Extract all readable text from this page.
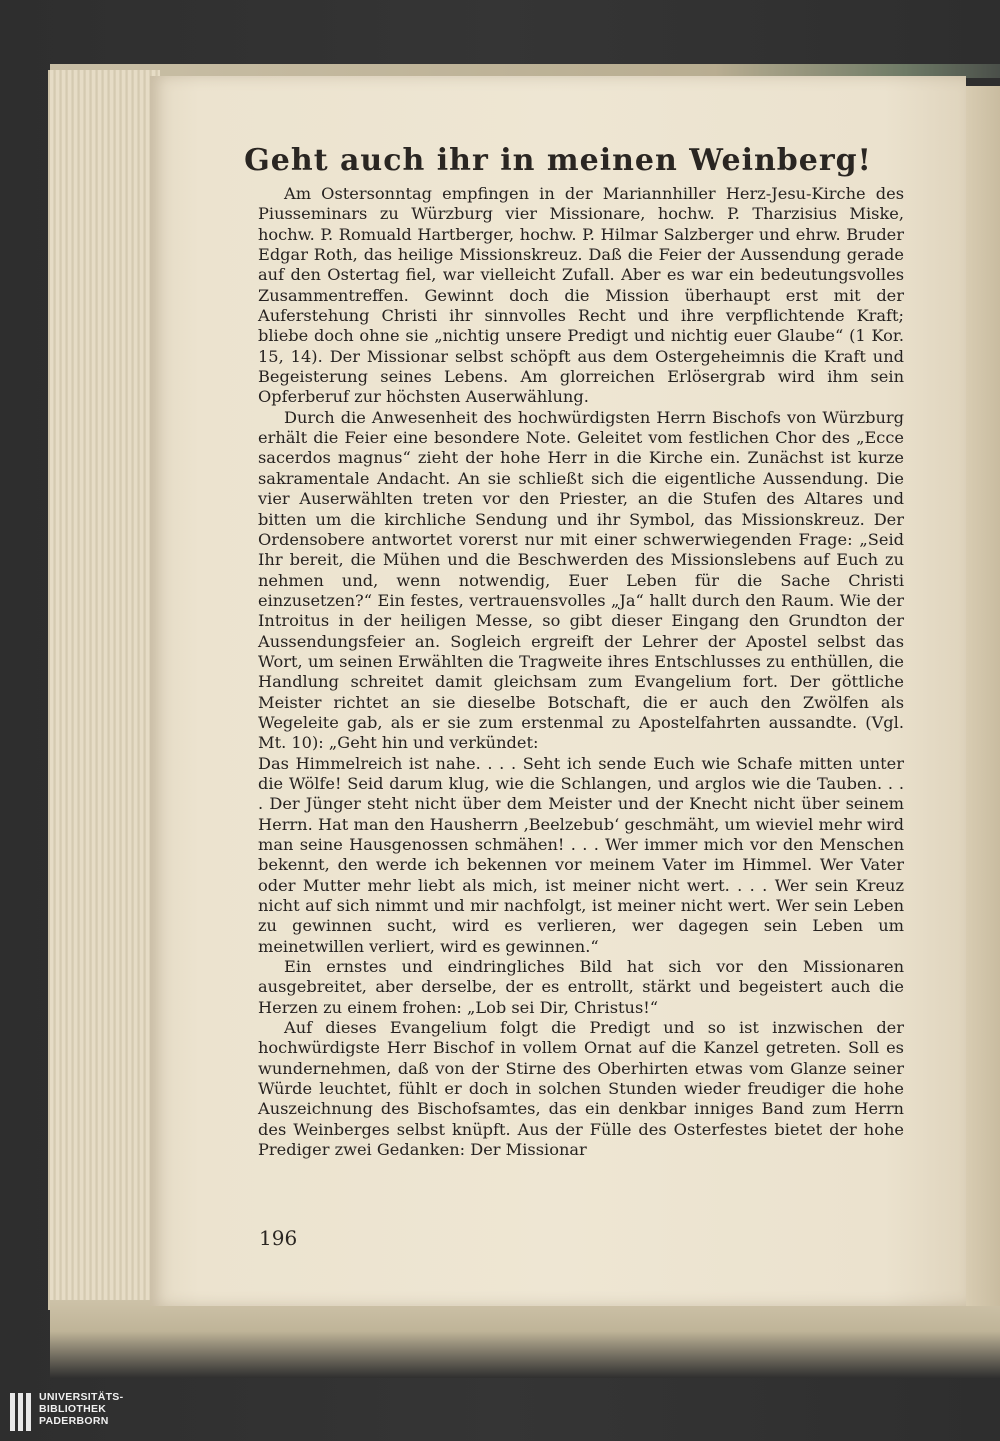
Geht auch ihr in meinen Weinberg!

Am Ostersonntag empfingen in der Mariannhiller Herz-Jesu-Kirche des Piusseminars zu Würzburg vier Missionare, hochw. P. Tharzisius Miske, hochw. P. Romuald Hartberger, hochw. P. Hilmar Salzberger und ehrw. Bruder Edgar Roth, das heilige Missionskreuz. Daß die Feier der Aussendung gerade auf den Ostertag fiel, war vielleicht Zufall. Aber es war ein bedeutungsvolles Zusammentreffen. Gewinnt doch die Mission überhaupt erst mit der Auferstehung Christi ihr sinnvolles Recht und ihre verpflichtende Kraft; bliebe doch ohne sie „nichtig unsere Predigt und nichtig euer Glaube“ (1 Kor. 15, 14). Der Missionar selbst schöpft aus dem Ostergeheimnis die Kraft und Begeisterung seines Lebens. Am glorreichen Erlösergrab wird ihm sein Opferberuf zur höchsten Auserwählung.

Durch die Anwesenheit des hochwürdigsten Herrn Bischofs von Würzburg erhält die Feier eine besondere Note. Geleitet vom festlichen Chor des „Ecce sacerdos magnus“ zieht der hohe Herr in die Kirche ein. Zunächst ist kurze sakramentale Andacht. An sie schließt sich die eigentliche Aussendung. Die vier Auserwählten treten vor den Priester, an die Stufen des Altares und bitten um die kirchliche Sendung und ihr Symbol, das Missionskreuz. Der Ordensobere antwortet vorerst nur mit einer schwerwiegenden Frage: „Seid Ihr bereit, die Mühen und die Beschwerden des Missionslebens auf Euch zu nehmen und, wenn notwendig, Euer Leben für die Sache Christi einzusetzen?“ Ein festes, vertrauensvolles „Ja“ hallt durch den Raum. Wie der Introitus in der heiligen Messe, so gibt dieser Eingang den Grundton der Aussendungsfeier an. Sogleich ergreift der Lehrer der Apostel selbst das Wort, um seinen Erwählten die Tragweite ihres Entschlusses zu enthüllen, die Handlung schreitet damit gleichsam zum Evangelium fort. Der göttliche Meister richtet an sie dieselbe Botschaft, die er auch den Zwölfen als Wegeleite gab, als er sie zum erstenmal zu Apostelfahrten aussandte. (Vgl. Mt. 10): „Geht hin und verkündet:

Das Himmelreich ist nahe. . . . Seht ich sende Euch wie Schafe mitten unter die Wölfe! Seid darum klug, wie die Schlangen, und arglos wie die Tauben. . . . Der Jünger steht nicht über dem Meister und der Knecht nicht über seinem Herrn. Hat man den Hausherrn ‚Beelzebub‘ geschmäht, um wieviel mehr wird man seine Hausgenossen schmähen! . . . Wer immer mich vor den Menschen bekennt, den werde ich bekennen vor meinem Vater im Himmel. Wer Vater oder Mutter mehr liebt als mich, ist meiner nicht wert. . . . Wer sein Kreuz nicht auf sich nimmt und mir nachfolgt, ist meiner nicht wert. Wer sein Leben zu gewinnen sucht, wird es verlieren, wer dagegen sein Leben um meinetwillen verliert, wird es gewinnen.“

Ein ernstes und eindringliches Bild hat sich vor den Missionaren ausgebreitet, aber derselbe, der es entrollt, stärkt und begeistert auch die Herzen zu einem frohen: „Lob sei Dir, Christus!“

Auf dieses Evangelium folgt die Predigt und so ist inzwischen der hochwürdigste Herr Bischof in vollem Ornat auf die Kanzel getreten. Soll es wundernehmen, daß von der Stirne des Oberhirten etwas vom Glanze seiner Würde leuchtet, fühlt er doch in solchen Stunden wieder freudiger die hohe Auszeichnung des Bischofsamtes, das ein denkbar inniges Band zum Herrn des Weinberges selbst knüpft. Aus der Fülle des Osterfestes bietet der hohe Prediger zwei Gedanken: Der Missionar

196
UNIVERSITÄTS-
BIBLIOTHEK
PADERBORN
